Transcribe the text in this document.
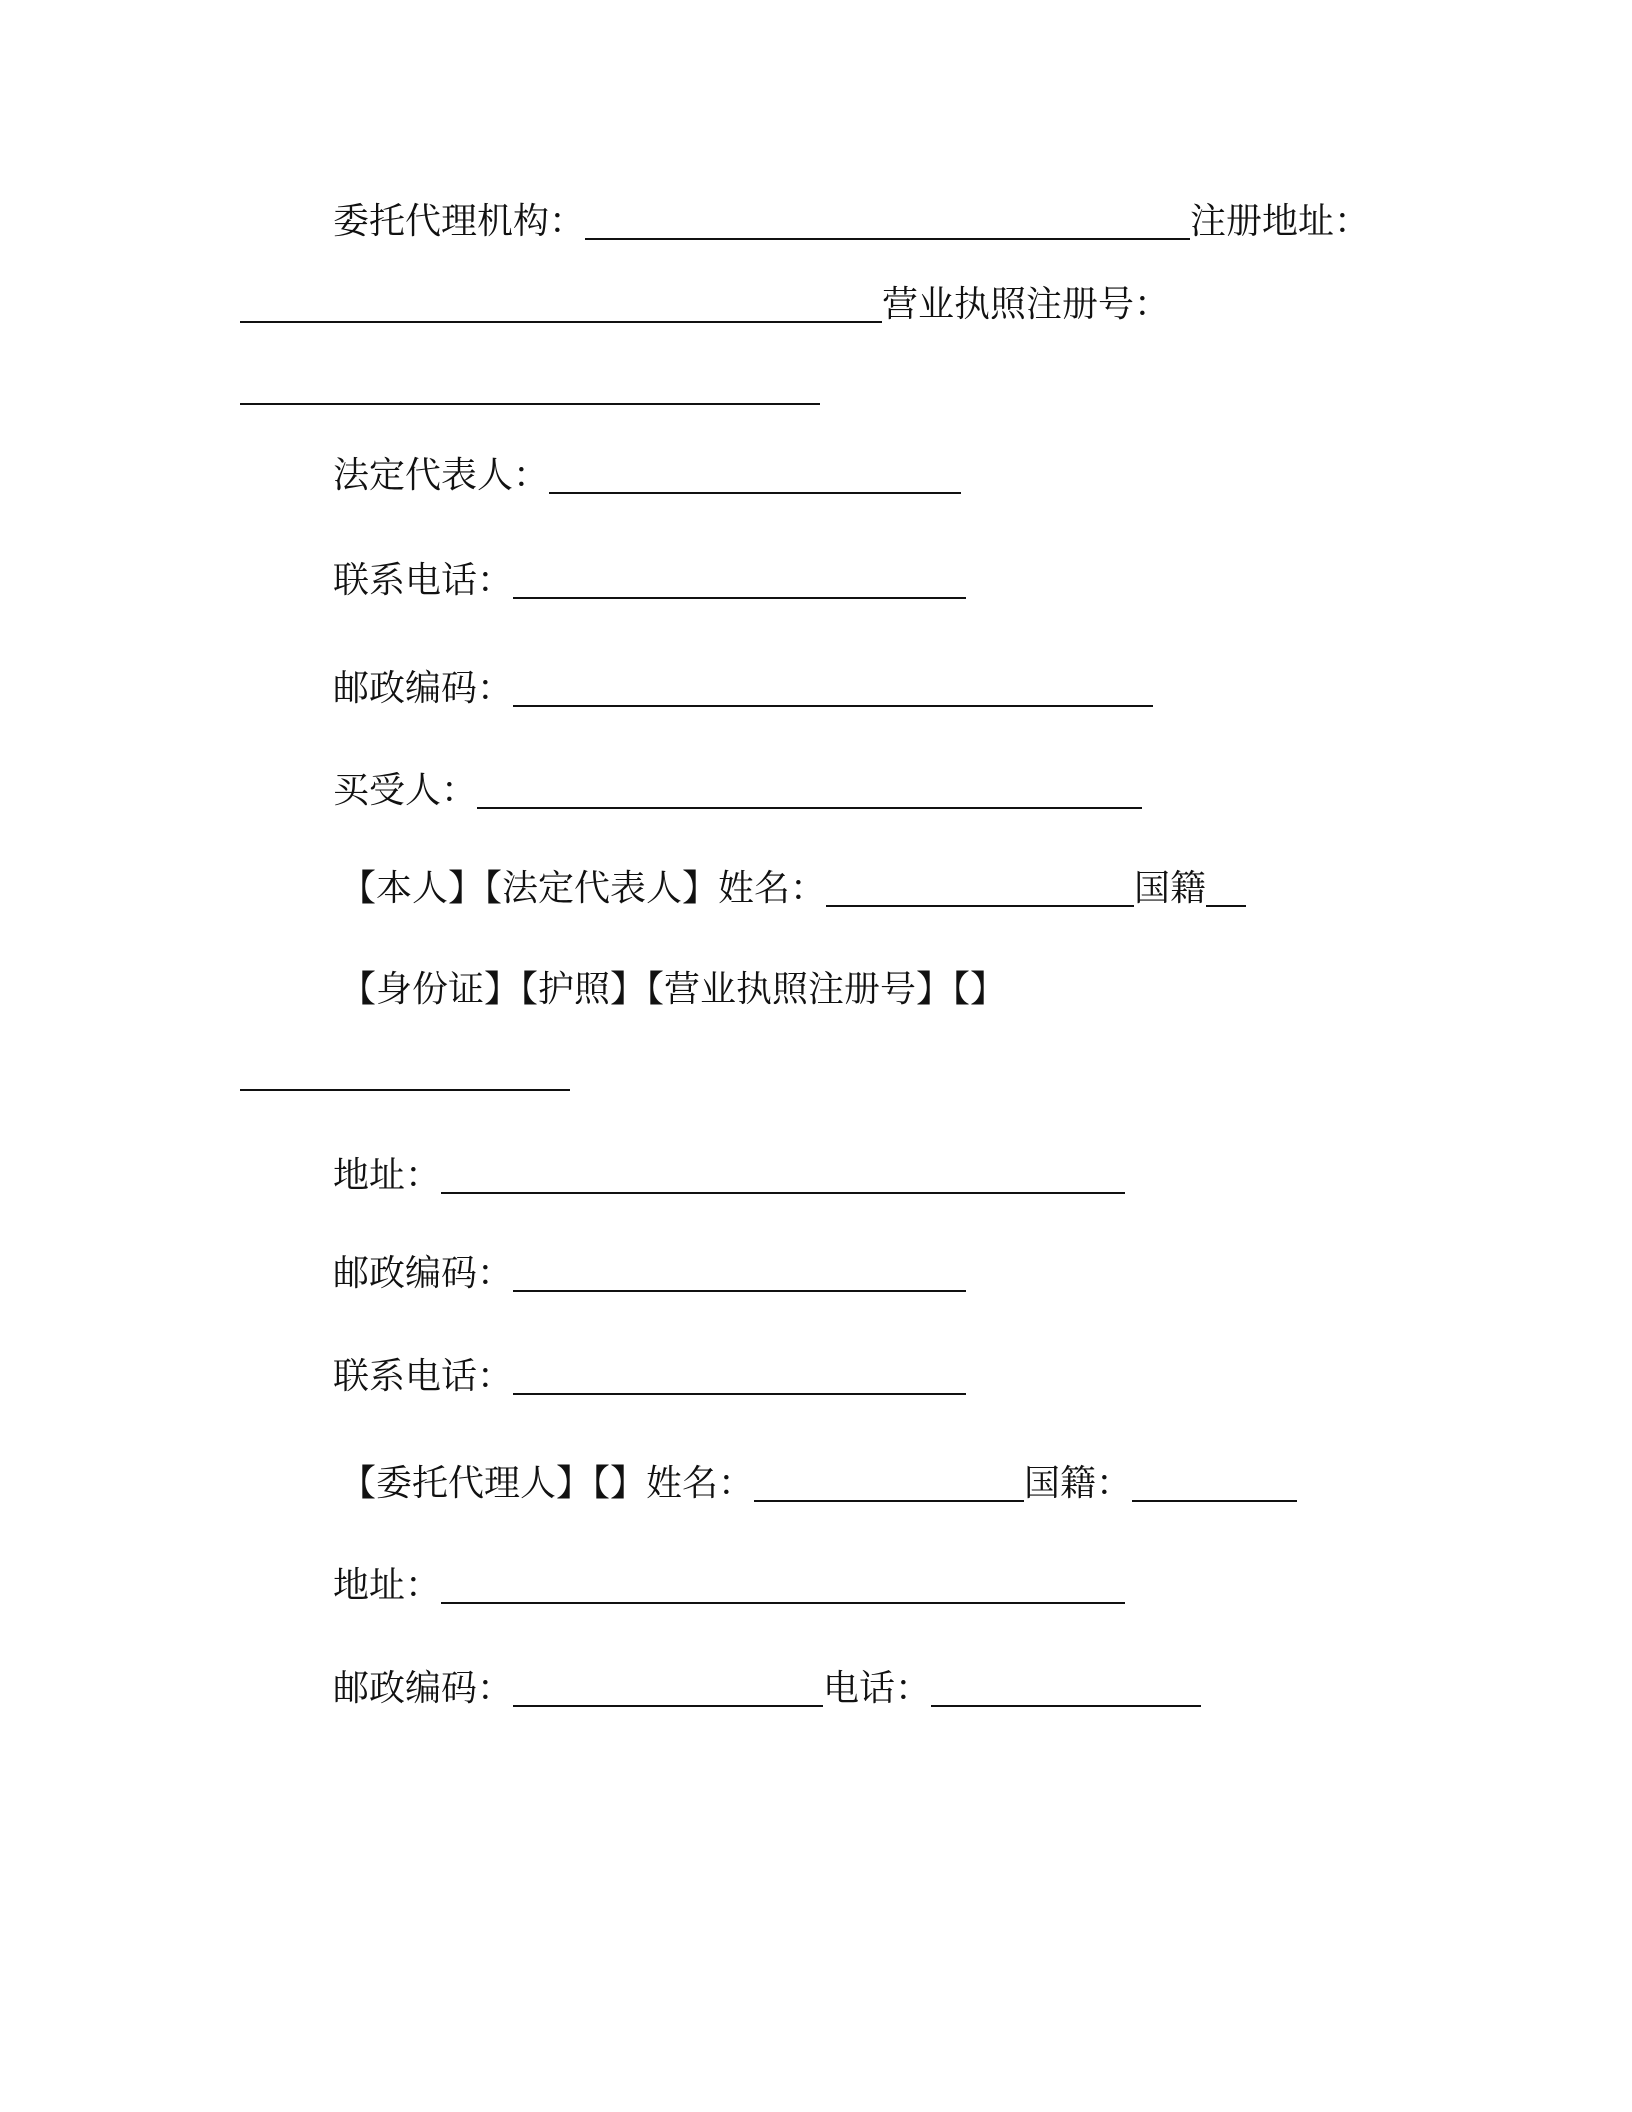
委托代理机构：	注册地址：
营业执照注册号：
法定代表人：
联系电话：
邮政编码：
买受人：
【本人】【法定代表人】姓名：	国籍
【身份证】【护照】【营业执照注册号】【】
地址：
邮政编码：
联系电话：
【委托代理人】【】姓名：	国籍：
地址：
邮政编码：	电话：
